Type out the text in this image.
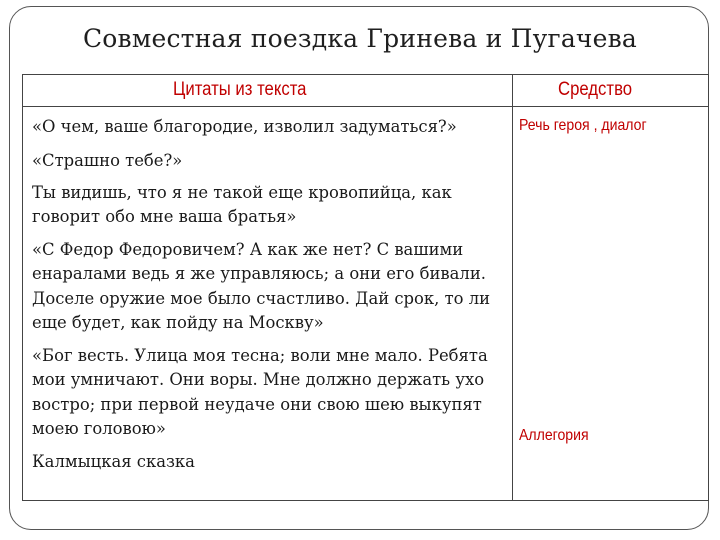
Совместная поездка Гринева и Пугачева
Цитаты из текста	Средство
«О чем, ваше благородие, изволил задуматься?»
«Страшно тебе?»
Ты видишь, что я не такой еще кровопийца, как говорит обо мне ваша братья»
«С Федор Федоровичем? А как же нет? С вашими енаралами ведь я же управляюсь; а они его бивали. Доселе оружие мое было счастливо. Дай срок, то ли еще будет, как пойду на Москву»
«Бог весть. Улица моя тесна; воли мне мало. Ребята мои умничают. Они воры. Мне должно держать ухо востро; при первой неудаче они свою шею выкупят моею головою»
Калмыцкая сказка
Речь героя , диалог
Аллегория
